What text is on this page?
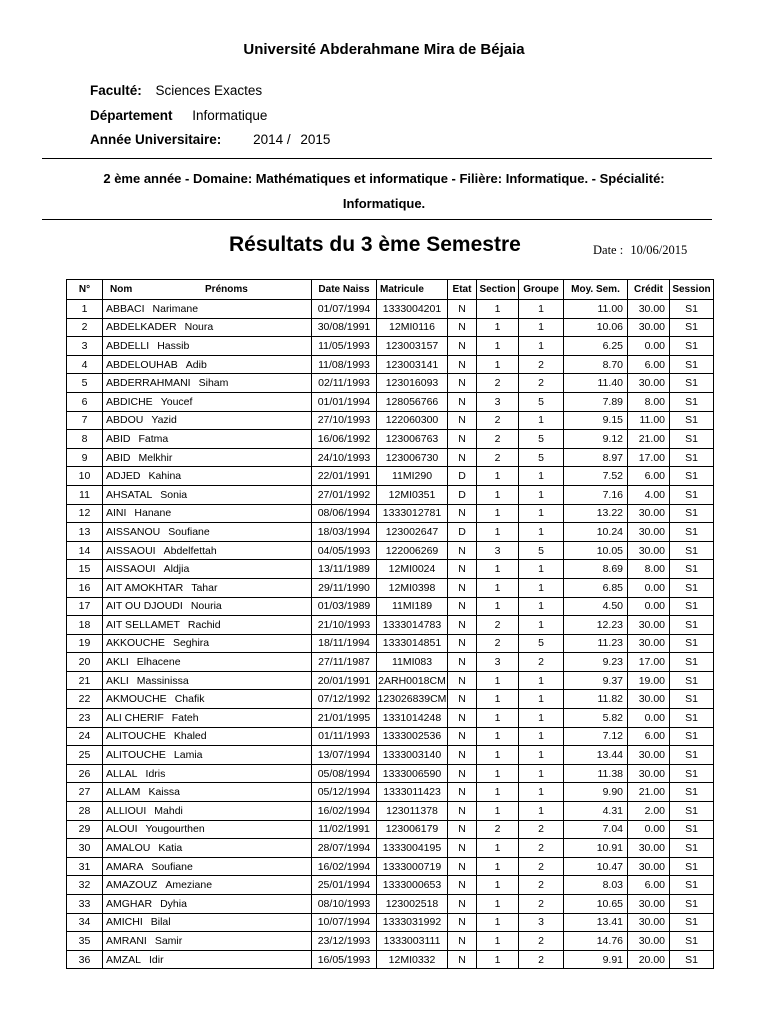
Université Abderahmane Mira de Béjaia
Faculté: Sciences Exactes
Département Informatique
Année Universitaire: 2014 / 2015
2 ème année - Domaine: Mathématiques et informatique - Filière: Informatique. - Spécialité:
Informatique.
Résultats du 3 ème Semestre	Date : 10/06/2015
N°	Nom Prénoms	Date Naiss	Matricule	Etat	Section	Groupe	Moy. Sem.	Crédit	Session
1	ABBACI Narimane	01/07/1994	1333004201	N	1	1	11.00	30.00	S1
2	ABDELKADER Noura	30/08/1991	12MI0116	N	1	1	10.06	30.00	S1
3	ABDELLI Hassib	11/05/1993	123003157	N	1	1	6.25	0.00	S1
4	ABDELOUHAB Adib	11/08/1993	123003141	N	1	2	8.70	6.00	S1
5	ABDERRAHMANI Siham	02/11/1993	123016093	N	2	2	11.40	30.00	S1
6	ABDICHE Youcef	01/01/1994	128056766	N	3	5	7.89	8.00	S1
7	ABDOU Yazid	27/10/1993	122060300	N	2	1	9.15	11.00	S1
8	ABID Fatma	16/06/1992	123006763	N	2	5	9.12	21.00	S1
9	ABID Melkhir	24/10/1993	123006730	N	2	5	8.97	17.00	S1
10	ADJED Kahina	22/01/1991	11MI290	D	1	1	7.52	6.00	S1
11	AHSATAL Sonia	27/01/1992	12MI0351	D	1	1	7.16	4.00	S1
12	AINI Hanane	08/06/1994	1333012781	N	1	1	13.22	30.00	S1
13	AISSANOU Soufiane	18/03/1994	123002647	D	1	1	10.24	30.00	S1
14	AISSAOUI Abdelfettah	04/05/1993	122006269	N	3	5	10.05	30.00	S1
15	AISSAOUI Aldjia	13/11/1989	12MI0024	N	1	1	8.69	8.00	S1
16	AIT AMOKHTAR Tahar	29/11/1990	12MI0398	N	1	1	6.85	0.00	S1
17	AIT OU DJOUDI Nouria	01/03/1989	11MI189	N	1	1	4.50	0.00	S1
18	AIT SELLAMET Rachid	21/10/1993	1333014783	N	2	1	12.23	30.00	S1
19	AKKOUCHE Seghira	18/11/1994	1333014851	N	2	5	11.23	30.00	S1
20	AKLI Elhacene	27/11/1987	11MI083	N	3	2	9.23	17.00	S1
21	AKLI Massinissa	20/01/1991	2ARH0018CM	N	1	1	9.37	19.00	S1
22	AKMOUCHE Chafik	07/12/1992	123026839CM	N	1	1	11.82	30.00	S1
23	ALI CHERIF Fateh	21/01/1995	1331014248	N	1	1	5.82	0.00	S1
24	ALITOUCHE Khaled	01/11/1993	1333002536	N	1	1	7.12	6.00	S1
25	ALITOUCHE Lamia	13/07/1994	1333003140	N	1	1	13.44	30.00	S1
26	ALLAL Idris	05/08/1994	1333006590	N	1	1	11.38	30.00	S1
27	ALLAM Kaissa	05/12/1994	1333011423	N	1	1	9.90	21.00	S1
28	ALLIOUI Mahdi	16/02/1994	123011378	N	1	1	4.31	2.00	S1
29	ALOUI Yougourthen	11/02/1991	123006179	N	2	2	7.04	0.00	S1
30	AMALOU Katia	28/07/1994	1333004195	N	1	2	10.91	30.00	S1
31	AMARA Soufiane	16/02/1994	1333000719	N	1	2	10.47	30.00	S1
32	AMAZOUZ Ameziane	25/01/1994	1333000653	N	1	2	8.03	6.00	S1
33	AMGHAR Dyhia	08/10/1993	123002518	N	1	2	10.65	30.00	S1
34	AMICHI Bilal	10/07/1994	1333031992	N	1	3	13.41	30.00	S1
35	AMRANI Samir	23/12/1993	1333003111	N	1	2	14.76	30.00	S1
36	AMZAL Idir	16/05/1993	12MI0332	N	1	2	9.91	20.00	S1
